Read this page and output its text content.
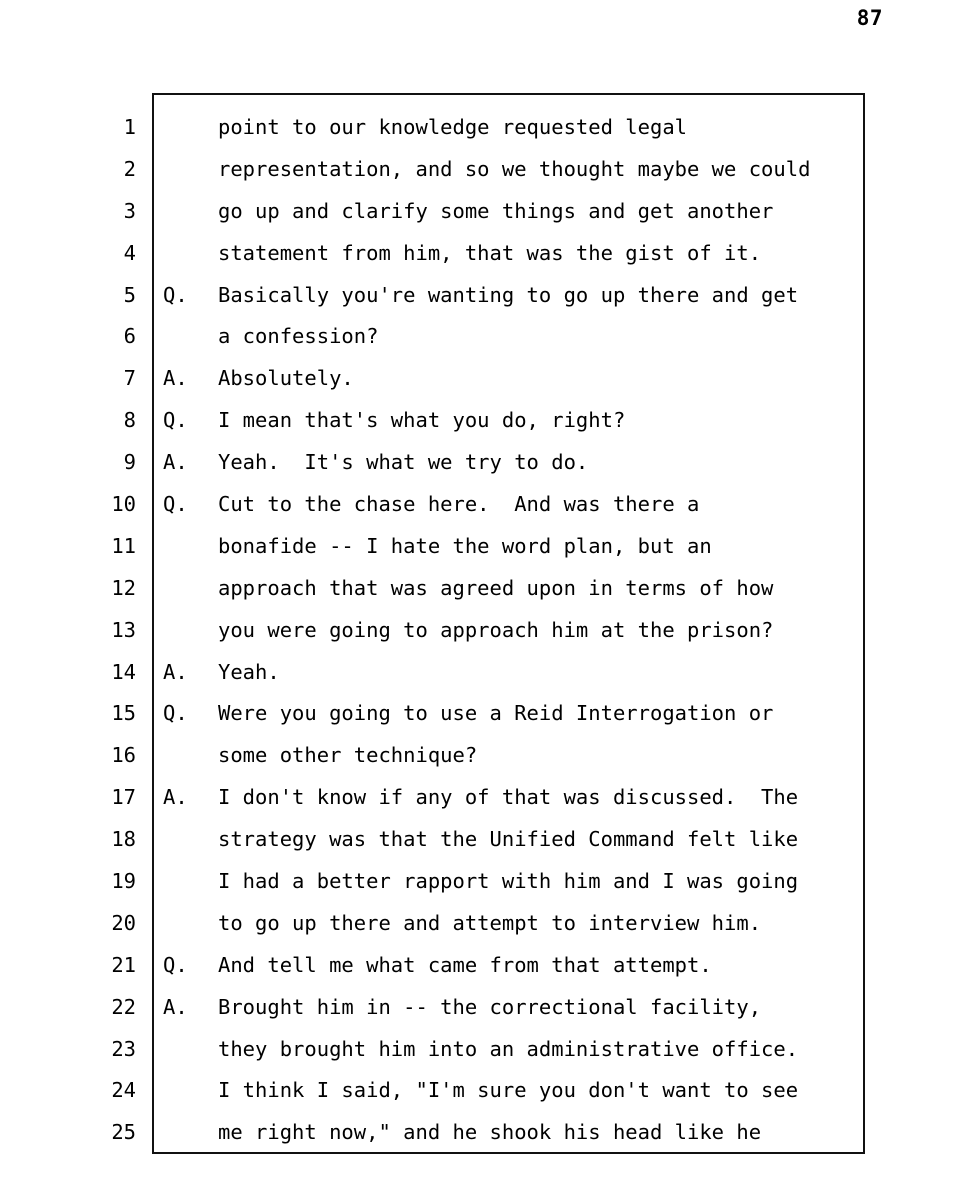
87
1	point to our knowledge requested legal
2	representation, and so we thought maybe we could
3	go up and clarify some things and get another
4	statement from him, that was the gist of it.
5 Q. Basically you're wanting to go up there and get
6	a confession?
7 A. Absolutely.
8 Q. I mean that's what you do, right?
9 A. Yeah.  It's what we try to do.
10 Q. Cut to the chase here.  And was there a
11	bonafide -- I hate the word plan, but an
12	approach that was agreed upon in terms of how
13	you were going to approach him at the prison?
14 A. Yeah.
15 Q. Were you going to use a Reid Interrogation or
16	some other technique?
17 A. I don't know if any of that was discussed.  The
18	strategy was that the Unified Command felt like
19	I had a better rapport with him and I was going
20	to go up there and attempt to interview him.
21 Q. And tell me what came from that attempt.
22 A. Brought him in -- the correctional facility,
23	they brought him into an administrative office.
24	I think I said, "I'm sure you don't want to see
25	me right now," and he shook his head like he
